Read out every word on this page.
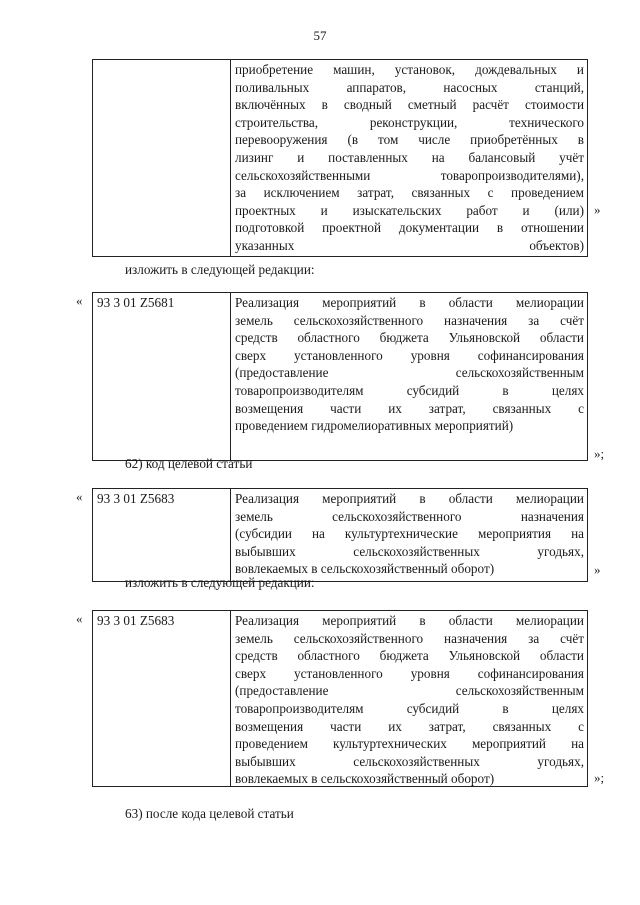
57
приобретение машин, установок, дождевальных и
поливальных аппаратов, насосных станций,
включённых в сводный сметный расчёт стоимости
строительства, реконструкции, технического
перевооружения (в том числе приобретённых в
лизинг и поставленных на балансовый учёт
сельскохозяйственными товаропроизводителями),
за исключением затрат, связанных с проведением
проектных и изыскательских работ и (или)
подготовкой проектной документации в отношении
указанных объектов)
»
изложить в следующей редакции:
«	93 3 01 Z5681	Реализация мероприятий в области мелиорации
земель сельскохозяйственного назначения за счёт
средств областного бюджета Ульяновской области
сверх установленного уровня софинансирования
(предоставление сельскохозяйственным
товаропроизводителям субсидий в целях
возмещения части их затрат, связанных с
проведением гидромелиоративных мероприятий)
»;
62) код целевой статьи
«	93 3 01 Z5683	Реализация мероприятий в области мелиорации
земель сельскохозяйственного назначения
(субсидии на культуртехнические мероприятия на
выбывших сельскохозяйственных угодьях,
вовлекаемых в сельскохозяйственный оборот)	»
изложить в следующей редакции:
«	93 3 01 Z5683	Реализация мероприятий в области мелиорации
земель сельскохозяйственного назначения за счёт
средств областного бюджета Ульяновской области
сверх установленного уровня софинансирования
(предоставление сельскохозяйственным
товаропроизводителям субсидий в целях
возмещения части их затрат, связанных с
проведением культуртехнических мероприятий на
выбывших сельскохозяйственных угодьях,
вовлекаемых в сельскохозяйственный оборот)	»;
63) после кода целевой статьи
